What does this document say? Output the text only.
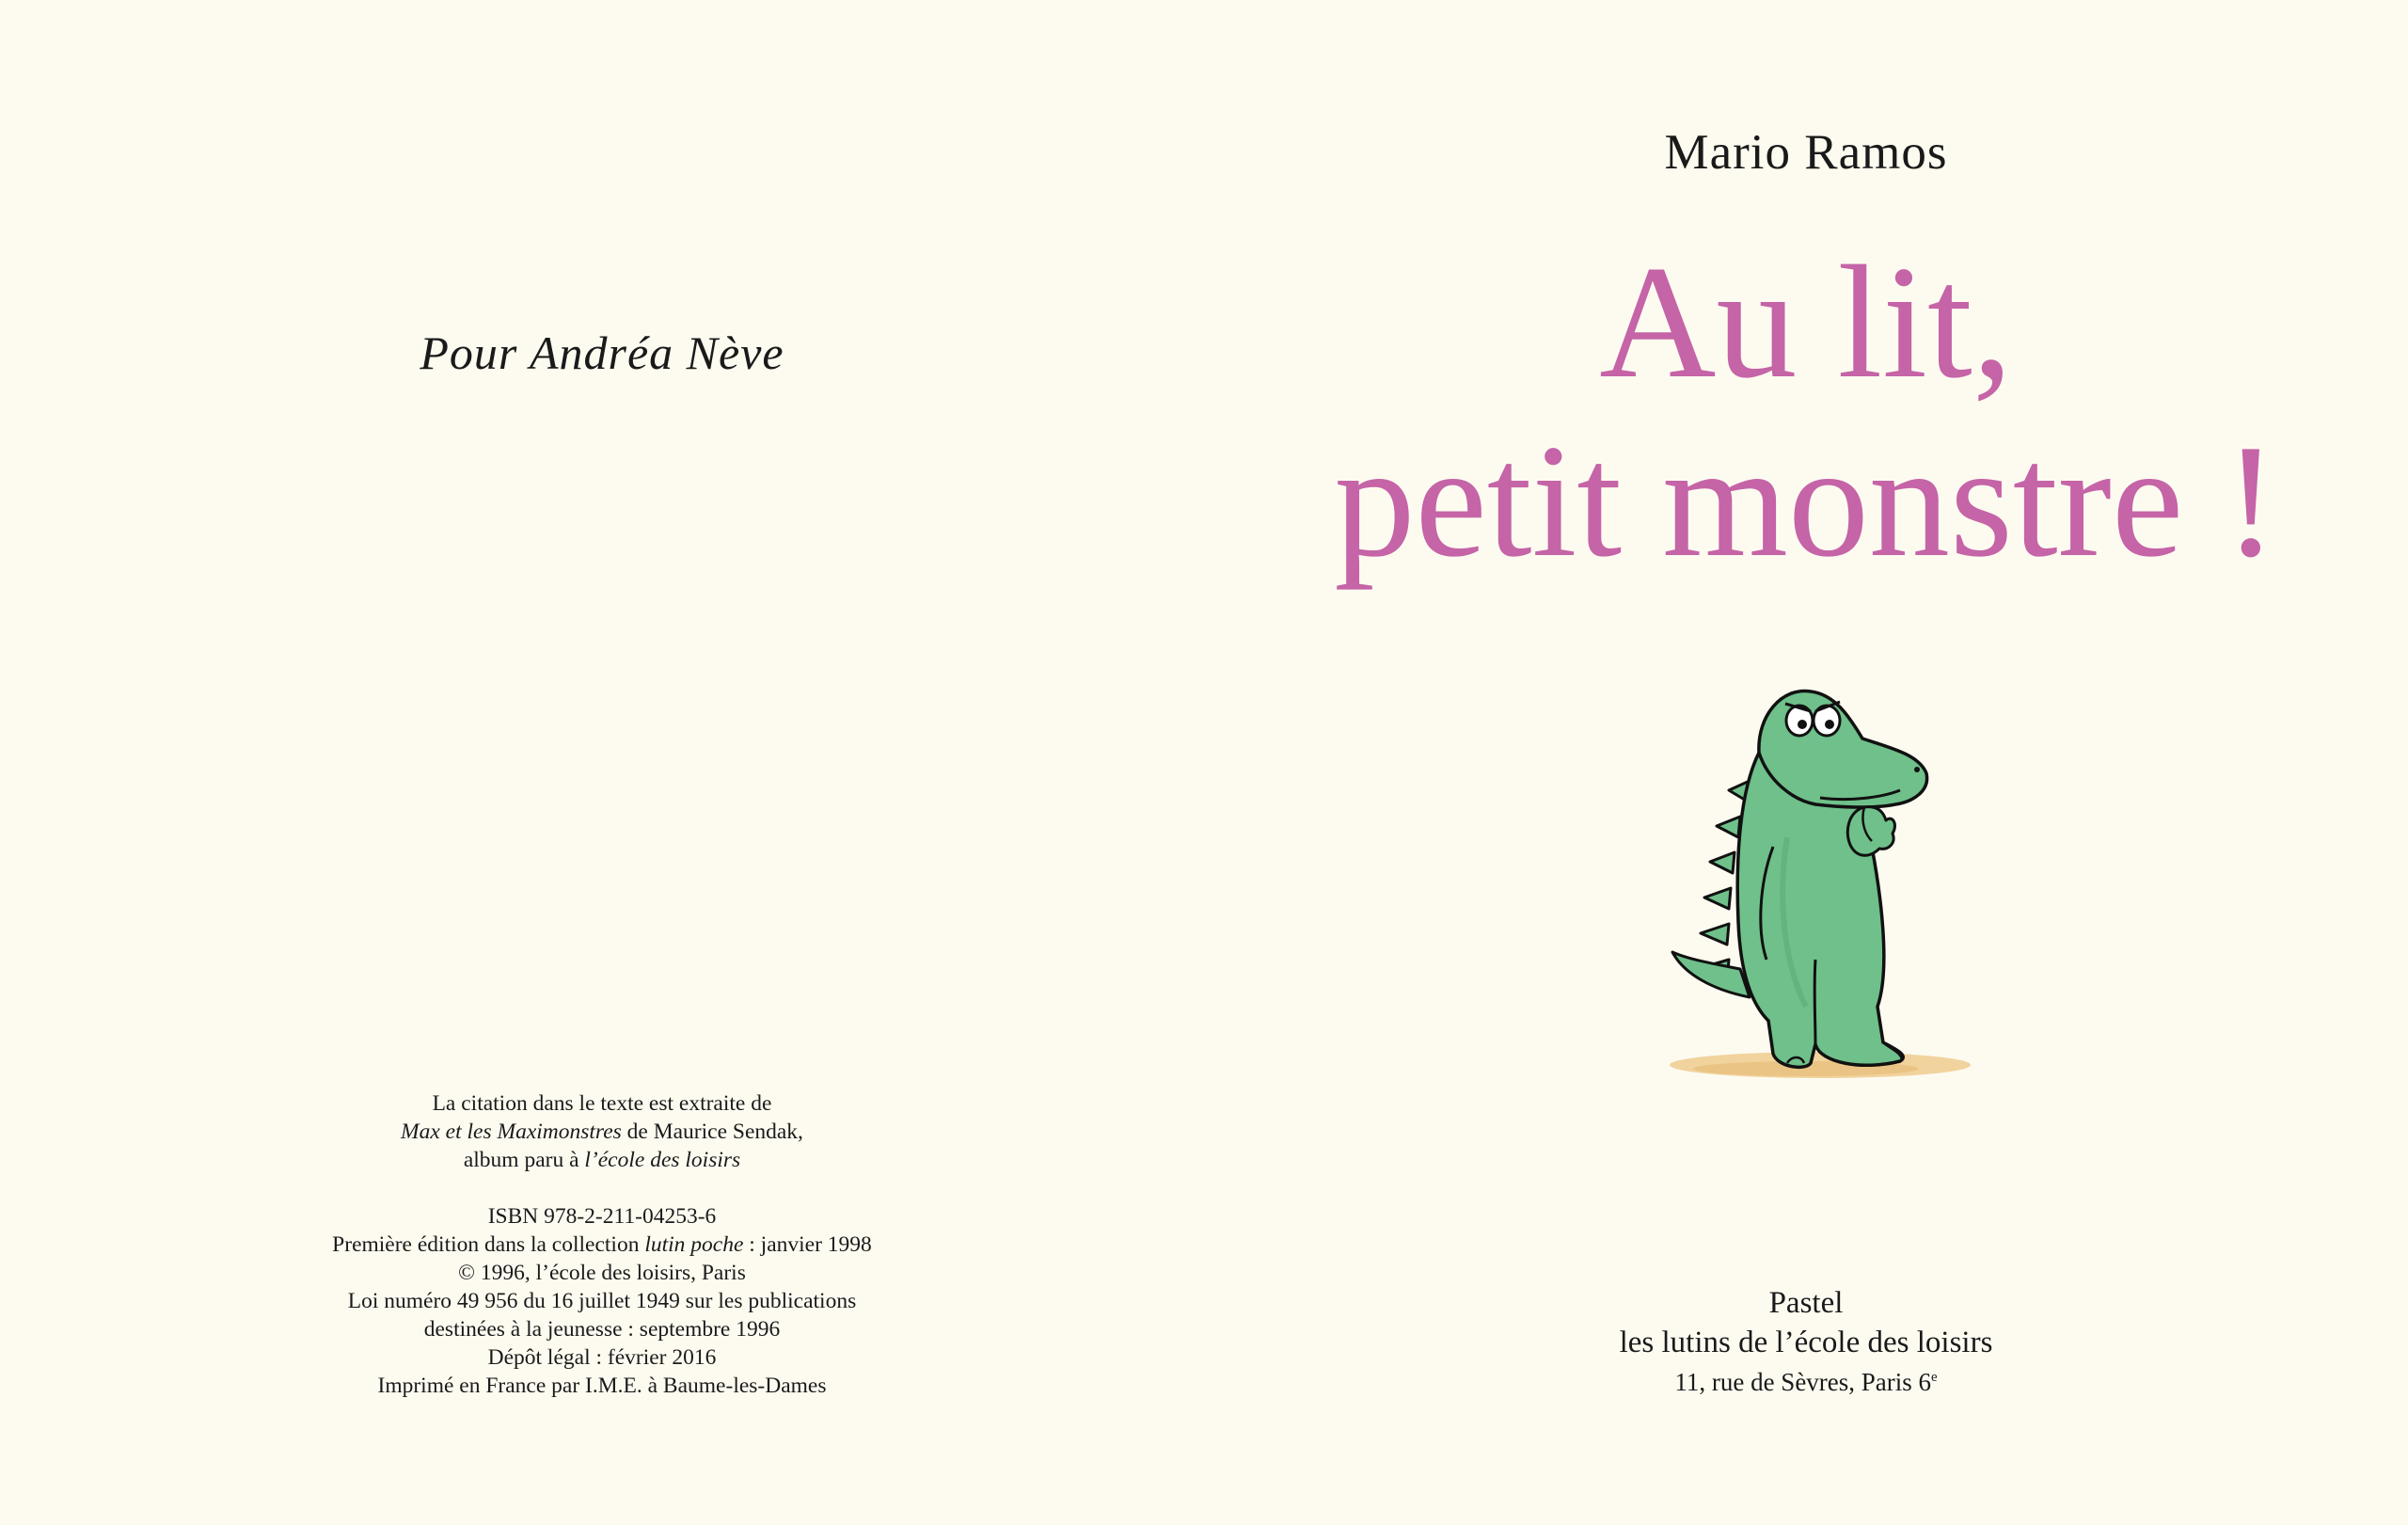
Pour Andréa Nève
La citation dans le texte est extraite de
Max et les Maximonstres de Maurice Sendak,
album paru à l’école des loisirs
ISBN 978-2-211-04253-6
Première édition dans la collection lutin poche : janvier 1998
© 1996, l’école des loisirs, Paris
Loi numéro 49 956 du 16 juillet 1949 sur les publications
destinées à la jeunesse : septembre 1996
Dépôt légal : février 2016
Imprimé en France par I.M.E. à Baume-les-Dames
Mario Ramos
Au lit,
petit monstre !
Pastel
les lutins de l’école des loisirs
11, rue de Sèvres, Paris 6e
